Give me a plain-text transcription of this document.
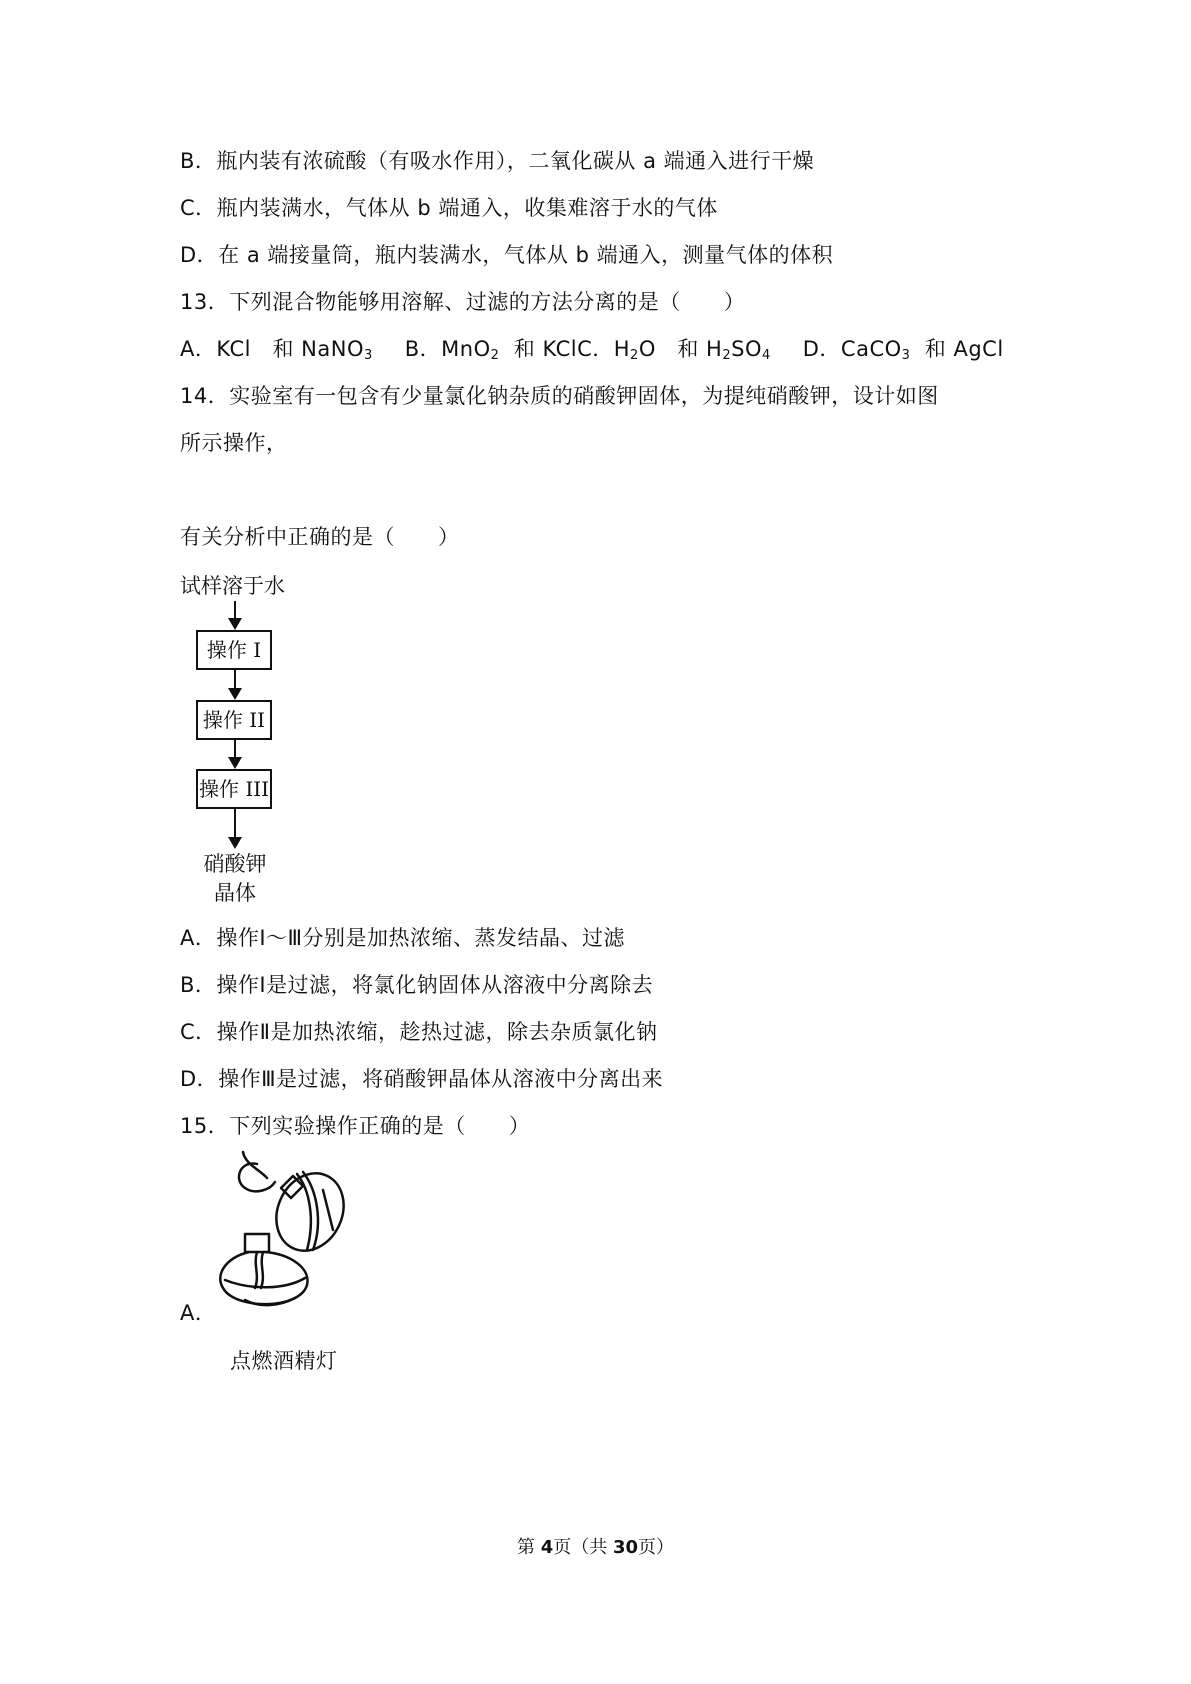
B．瓶内装有浓硫酸（有吸水作用），二氧化碳从 a 端通入进行干燥
C．瓶内装满水，气体从 b 端通入，收集难溶于水的气体
D．在 a 端接量筒，瓶内装满水，气体从 b 端通入，测量气体的体积
13．下列混合物能够用溶解、过滤的方法分离的是（　　）
A．KCl　和 NaNO$_3$ B．MnO$_2$ 和 KClC．$H_2O$　和 $H_2SO_4$ D．CaCO$_3$ 和 AgCl
14．实验室有一包含有少量氯化钠杂质的硝酸钾固体，为提纯硝酸钾，设计如图
所示操作，
有关分析中正确的是（　　）
试样溶于水
操作 I
操作 II
操作 III
硝酸钾
晶体
A．操作Ⅰ～Ⅲ分别是加热浓缩、蒸发结晶、过滤
B．操作Ⅰ是过滤，将氯化钠固体从溶液中分离除去
C．操作Ⅱ是加热浓缩，趁热过滤，除去杂质氯化钠
D．操作Ⅲ是过滤，将硝酸钾晶体从溶液中分离出来
15．下列实验操作正确的是（　　）
A．
点燃酒精灯
第 4页（共 30页）
